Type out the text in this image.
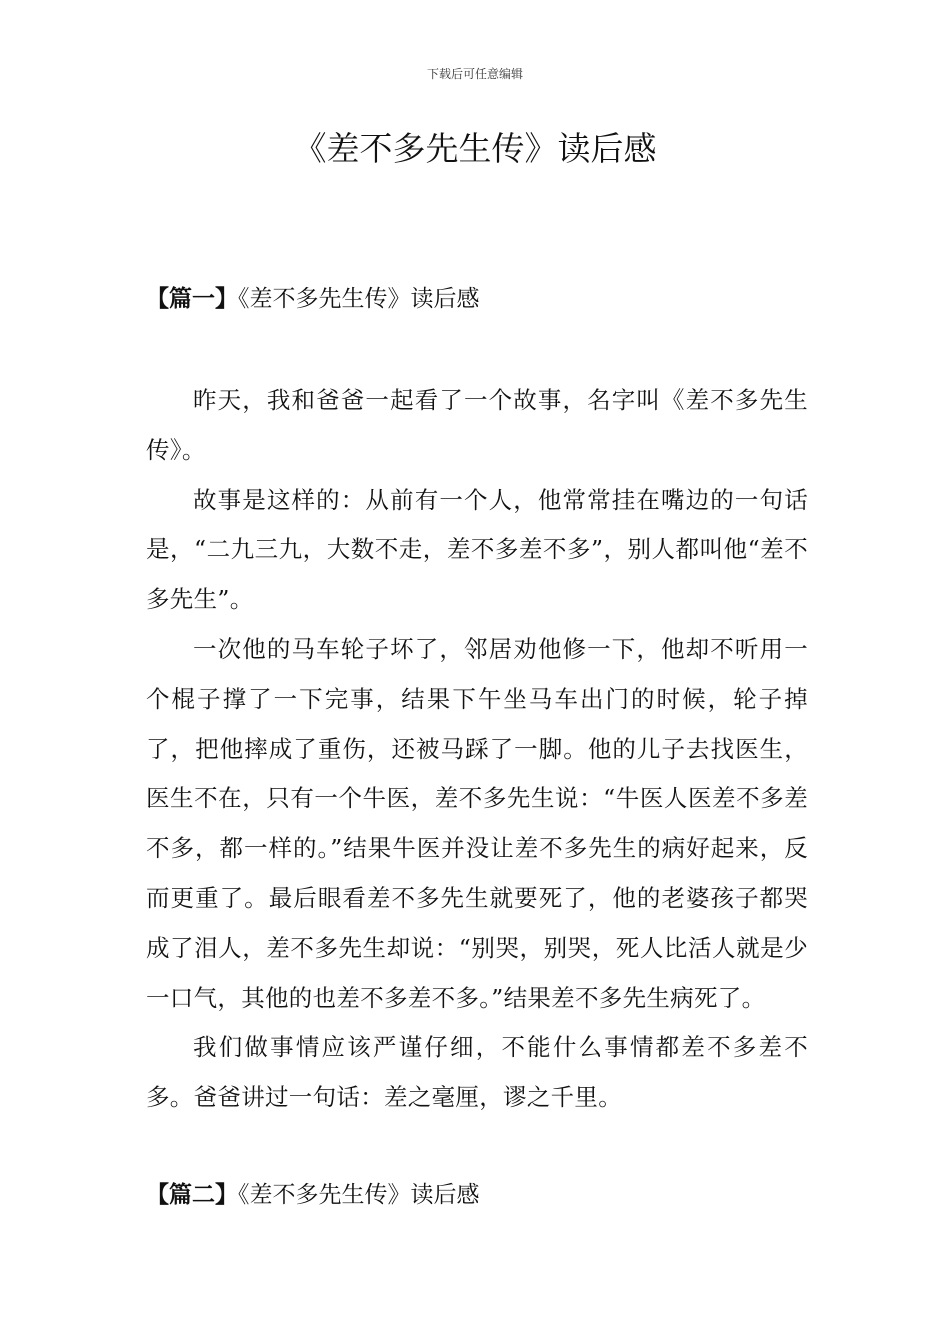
下载后可任意编辑
《差不多先生传》读后感
【篇一】《差不多先生传》读后感

昨天，我和爸爸一起看了一个故事，名字叫《差不多先生传》。

故事是这样的：从前有一个人，他常常挂在嘴边的一句话是，“二九三九，大数不走，差不多差不多”，别人都叫他“差不多先生”。

一次他的马车轮子坏了，邻居劝他修一下，他却不听用一个棍子撑了一下完事，结果下午坐马车出门的时候，轮子掉了，把他摔成了重伤，还被马踩了一脚。他的儿子去找医生，医生不在，只有一个牛医，差不多先生说：“牛医人医差不多差不多，都一样的。”结果牛医并没让差不多先生的病好起来，反而更重了。最后眼看差不多先生就要死了，他的老婆孩子都哭成了泪人，差不多先生却说：“别哭，别哭，死人比活人就是少一口气，其他的也差不多差不多。”结果差不多先生病死了。

我们做事情应该严谨仔细，不能什么事情都差不多差不多。爸爸讲过一句话：差之毫厘，谬之千里。

【篇二】《差不多先生传》读后感
